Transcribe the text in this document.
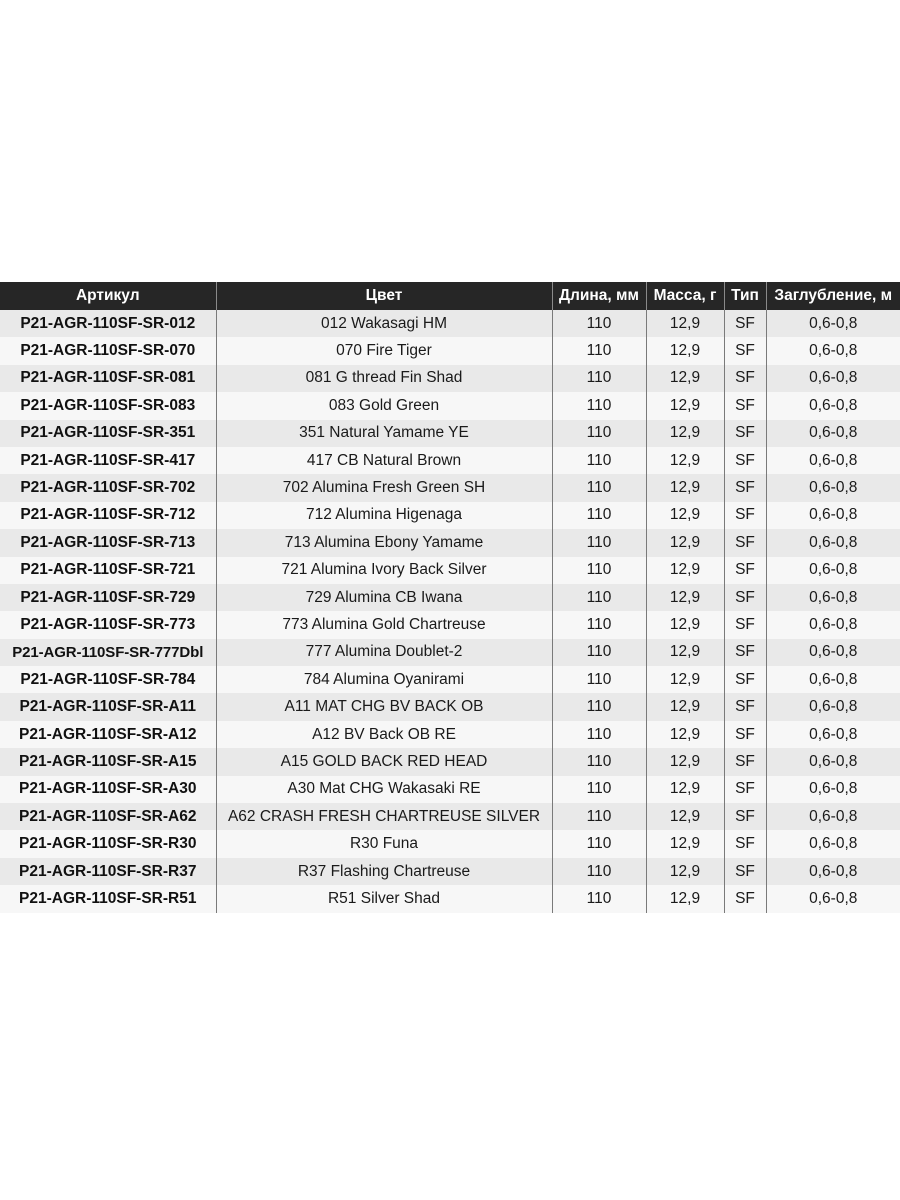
Артикул	Цвет	Длина, мм	Масса, г	Тип	Заглубление, м
P21-AGR-110SF-SR-012	012 Wakasagi HM	110	12,9	SF	0,6-0,8
P21-AGR-110SF-SR-070	070 Fire Tiger	110	12,9	SF	0,6-0,8
P21-AGR-110SF-SR-081	081 G thread Fin Shad	110	12,9	SF	0,6-0,8
P21-AGR-110SF-SR-083	083 Gold Green	110	12,9	SF	0,6-0,8
P21-AGR-110SF-SR-351	351 Natural Yamame YE	110	12,9	SF	0,6-0,8
P21-AGR-110SF-SR-417	417 CB Natural Brown	110	12,9	SF	0,6-0,8
P21-AGR-110SF-SR-702	702 Alumina Fresh Green SH	110	12,9	SF	0,6-0,8
P21-AGR-110SF-SR-712	712 Alumina Higenaga	110	12,9	SF	0,6-0,8
P21-AGR-110SF-SR-713	713 Alumina Ebony Yamame	110	12,9	SF	0,6-0,8
P21-AGR-110SF-SR-721	721 Alumina Ivory Back Silver	110	12,9	SF	0,6-0,8
P21-AGR-110SF-SR-729	729 Alumina CB Iwana	110	12,9	SF	0,6-0,8
P21-AGR-110SF-SR-773	773 Alumina Gold Chartreuse	110	12,9	SF	0,6-0,8
P21-AGR-110SF-SR-777Dbl	777 Alumina Doublet-2	110	12,9	SF	0,6-0,8
P21-AGR-110SF-SR-784	784 Alumina Oyanirami	110	12,9	SF	0,6-0,8
P21-AGR-110SF-SR-A11	A11 MAT CHG BV BACK OB	110	12,9	SF	0,6-0,8
P21-AGR-110SF-SR-A12	A12 BV Back OB RE	110	12,9	SF	0,6-0,8
P21-AGR-110SF-SR-A15	A15 GOLD BACK RED HEAD	110	12,9	SF	0,6-0,8
P21-AGR-110SF-SR-A30	A30 Mat CHG Wakasaki RE	110	12,9	SF	0,6-0,8
P21-AGR-110SF-SR-A62	A62 CRASH FRESH CHARTREUSE SILVER	110	12,9	SF	0,6-0,8
P21-AGR-110SF-SR-R30	R30 Funa	110	12,9	SF	0,6-0,8
P21-AGR-110SF-SR-R37	R37 Flashing Chartreuse	110	12,9	SF	0,6-0,8
P21-AGR-110SF-SR-R51	R51 Silver Shad	110	12,9	SF	0,6-0,8
